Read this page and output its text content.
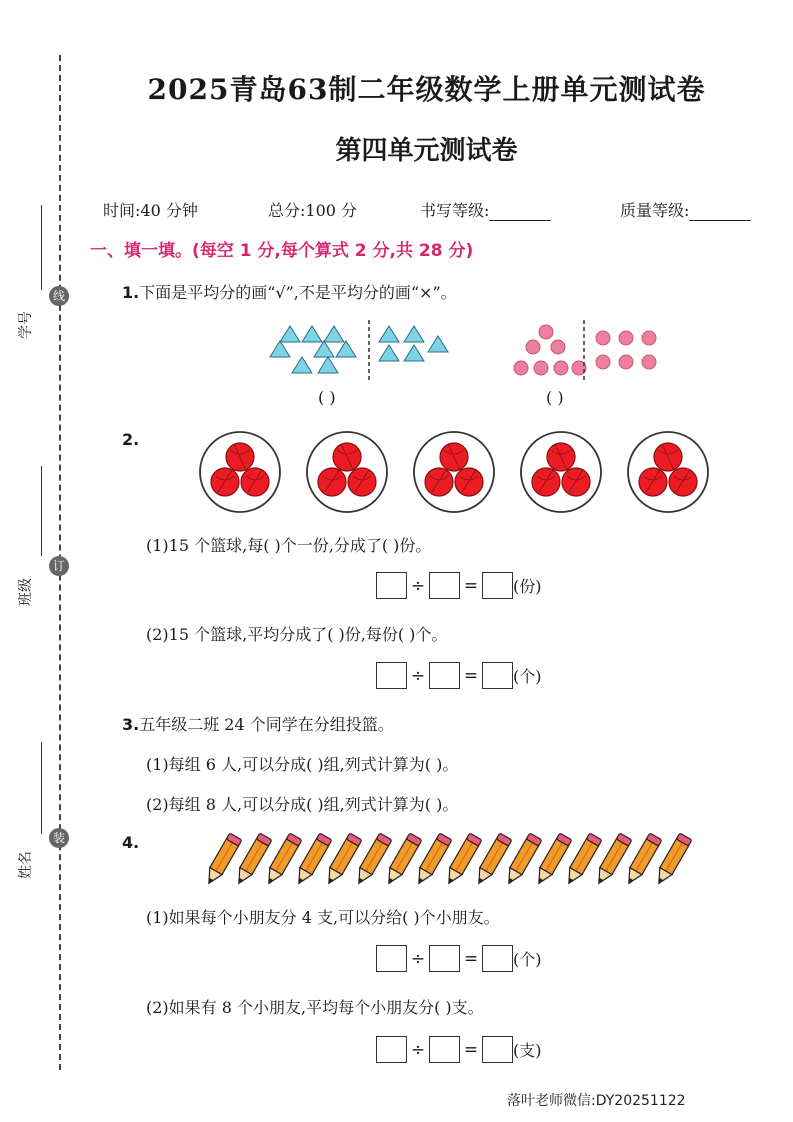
学号
线
班级
订
姓名
装
2025青岛63制二年级数学上册单元测试卷
第四单元测试卷
时间:40 分钟	总分:100 分	书写等级:	质量等级:
一、填一填。(每空 1 分,每个算式 2 分,共 28 分)
1.下面是平均分的画“√”,不是平均分的画“×”。
( )	( )
2.
(1)15 个篮球,每( )个一份,分成了( )份。
÷ = (份)
(2)15 个篮球,平均分成了( )份,每份( )个。
÷ = (个)
3.五年级二班 24 个同学在分组投篮。
(1)每组 6 人,可以分成( )组,列式计算为( )。
(2)每组 8 人,可以分成( )组,列式计算为( )。
4.
(1)如果每个小朋友分 4 支,可以分给( )个小朋友。
÷ = (个)
(2)如果有 8 个小朋友,平均每个小朋友分( )支。
÷ = (支)
落叶老师微信:DY20251122
